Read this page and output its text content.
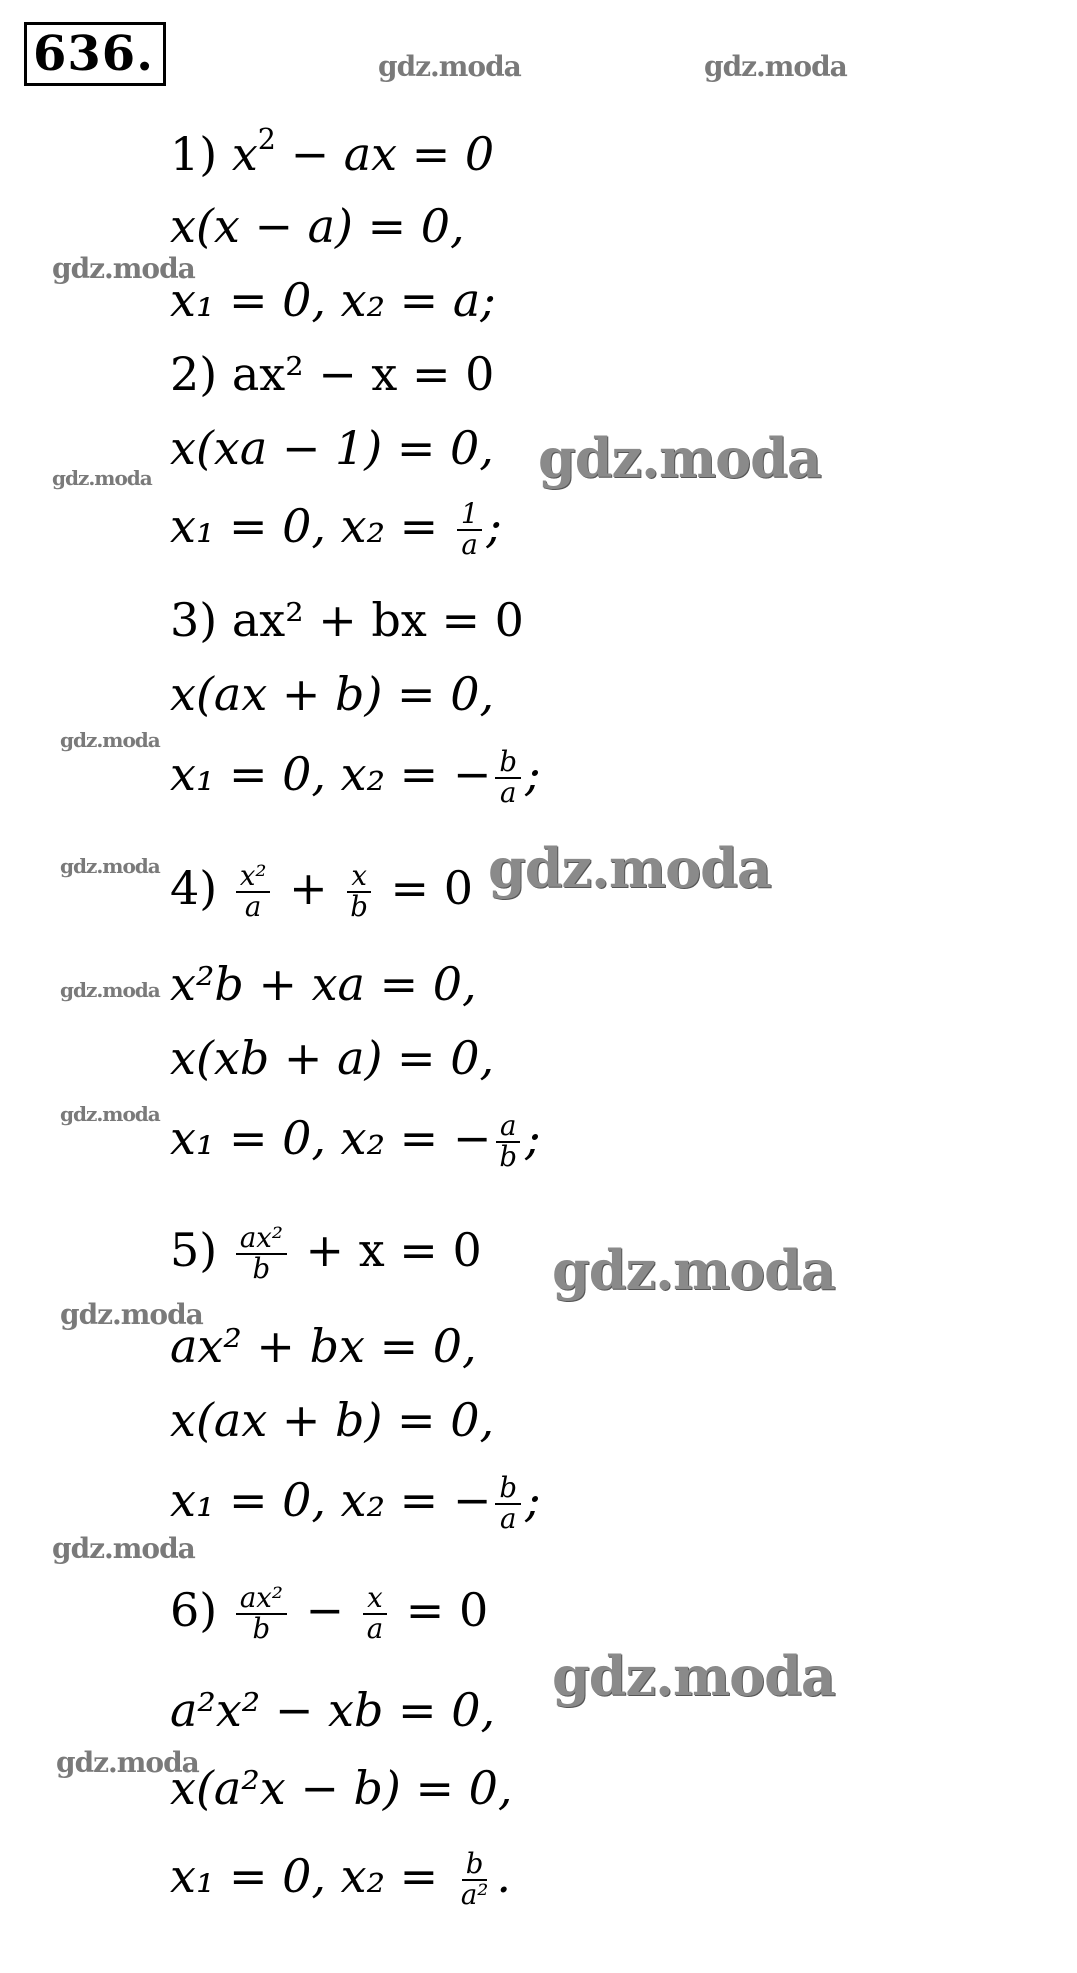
636.
1) $x^2$ − ax = 0
x(x − a) = 0,
x₁ = 0, x₂ = a;
2) ax² − x = 0
x(xa − 1) = 0,
x₁ = 0, $x_2 = \frac{1}{a}$ ;
3) ax² + bx = 0
x(ax + b) = 0,
x₁ = 0, x₂ = − $\frac{b}{a}$ ;
$4) \frac{\text{x²}}{a} + \frac{x}{b} = 0$
x²b + xa = 0,
x(xb + a) = 0,
x₁ = 0, x₂ = − $\frac{a}{b}$ ;
$5) \frac{\text{ax²}}{b} + x = 0$
ax² + bx = 0,
x(ax + b) = 0,
x₁ = 0, x₂ = − $\frac{b}{a}$ ;
$6) \frac{\text{ax²}}{b} - \frac{x}{a} = 0$
a²x² − xb = 0,
x(a²x − b) = 0,
x₁ = 0, $x_2 = \frac{b}{\text{a²}}$ .
gdz.moda	gdz.moda
gdz.moda
gdz.moda
gdz.moda
gdz.moda
gdz.moda	gdz.moda
gdz.moda
gdz.moda
gdz.moda
gdz.moda
gdz.moda
gdz.moda
gdz.moda
